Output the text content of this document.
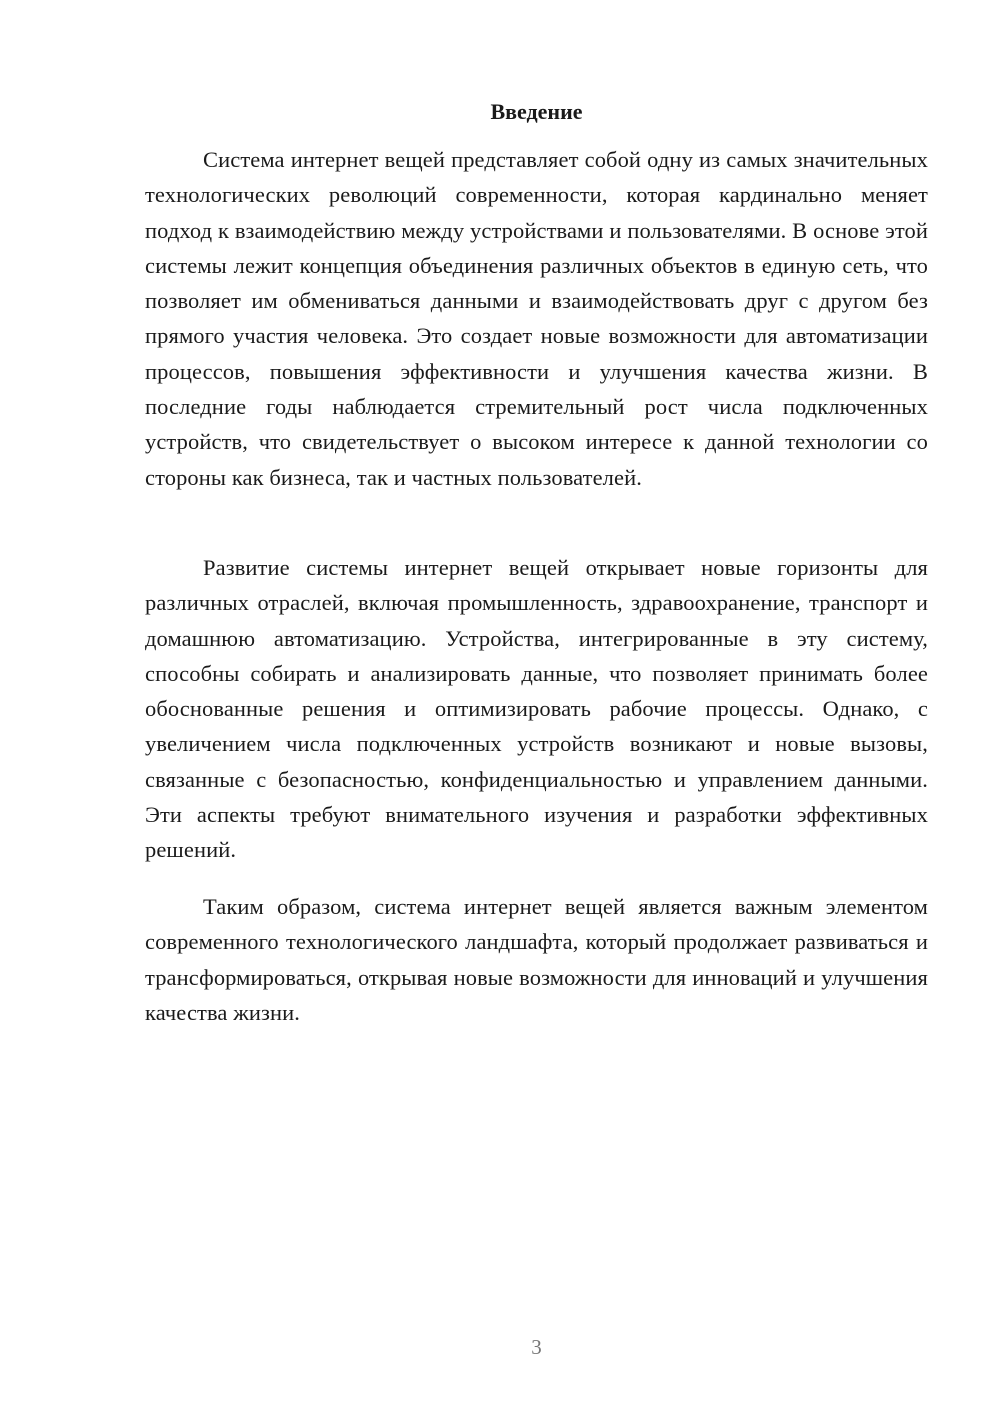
Введение

Система интернет вещей представляет собой одну из самых значительных технологических революций современности, которая кардинально меняет подход к взаимодействию между устройствами и пользователями. В основе этой системы лежит концепция объединения различных объектов в единую сеть, что позволяет им обмениваться данными и взаимодействовать друг с другом без прямого участия человека. Это создает новые возможности для автоматизации процессов, повышения эффективности и улучшения качества жизни. В последние годы наблюдается стремительный рост числа подключенных устройств, что свидетельствует о высоком интересе к данной технологии со стороны как бизнеса, так и частных пользователей.

Развитие системы интернет вещей открывает новые горизонты для различных отраслей, включая промышленность, здравоохранение, транспорт и домашнюю автоматизацию. Устройства, интегрированные в эту систему, способны собирать и анализировать данные, что позволяет принимать более обоснованные решения и оптимизировать рабочие процессы. Однако, с увеличением числа подключенных устройств возникают и новые вызовы, связанные с безопасностью, конфиденциальностью и управлением данными. Эти аспекты требуют внимательного изучения и разработки эффективных решений.

Таким образом, система интернет вещей является важным элементом современного технологического ландшафта, который продолжает развиваться и трансформироваться, открывая новые возможности для инноваций и улучшения качества жизни.

3
